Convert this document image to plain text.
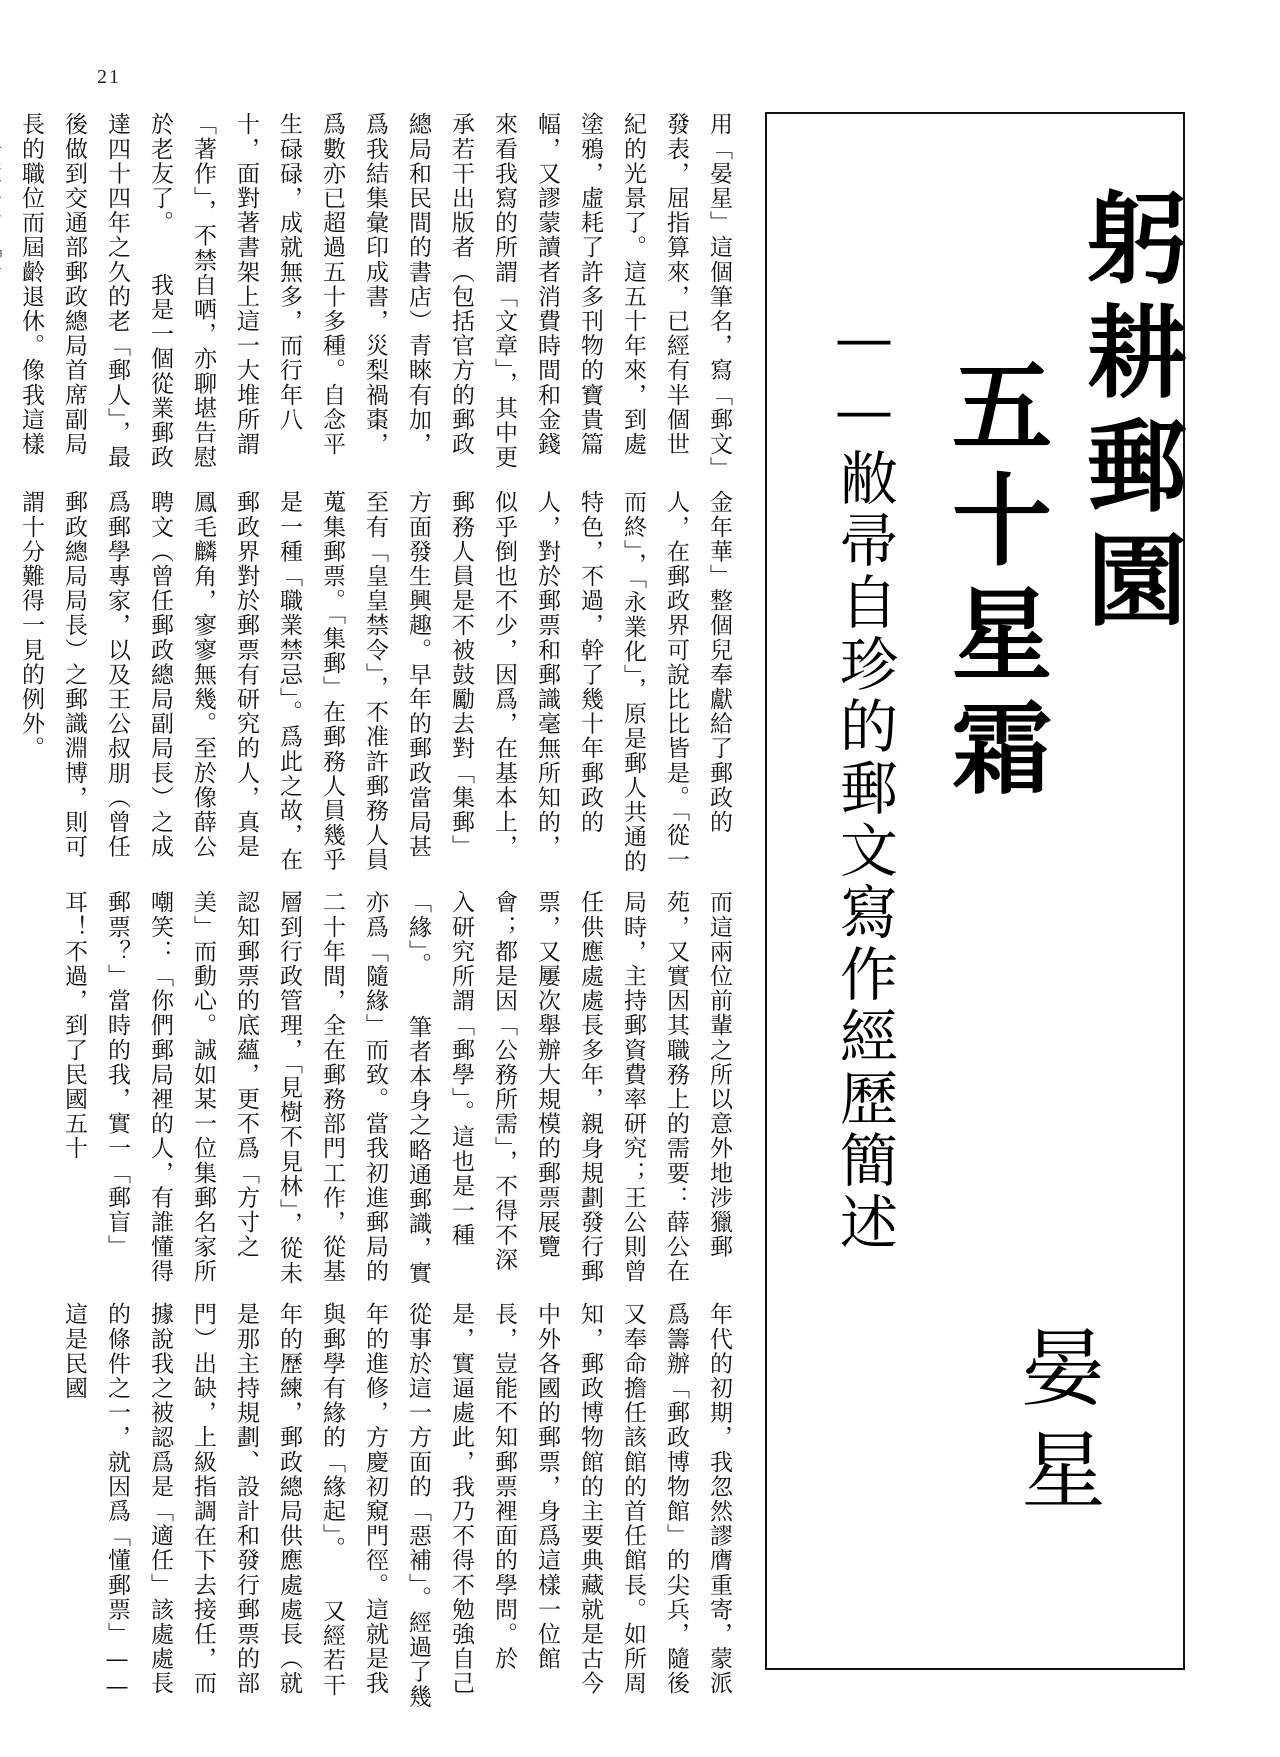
21
躬耕郵園
五十星霜
——敝帚自珍的郵文寫作經歷簡述
晏星
用「晏星」這個筆名，寫「郵文」發表，屈指算來，已經有半個世紀的光景了。這五十年來，到處塗鴉，虛耗了許多刊物的寶貴篇幅，又謬蒙讀者消費時間和金錢來看我寫的所謂「文章」，其中更承若干出版者（包括官方的郵政總局和民間的書店）青睞有加，爲我結集彙印成書，災梨禍棗，爲數亦已超過五十多種。自念平生碌碌，成就無多，而行年八十，面對著書架上這一大堆所謂「著作」，不禁自哂，亦聊堪告慰於老友了。　　我是一個從業郵政達四十四年之久的老「郵人」，最後做到交通部郵政總局首席副局長的職位而屆齡退休。像我這樣
金年華」整個兒奉獻給了郵政的人，在郵政界可說比比皆是。「從一而終」，「永業化」，原是郵人共通的特色，不過，幹了幾十年郵政的人，對於郵票和郵識毫無所知的，似乎倒也不少，因爲，在基本上，郵務人員是不被鼓勵去對「集郵」方面發生興趣。早年的郵政當局甚至有「皇皇禁令」，不准許郵務人員蒐集郵票。「集郵」在郵務人員幾乎是一種「職業禁忌」。爲此之故，在郵政界對於郵票有研究的人，真是鳳毛麟角，寥寥無幾。至於像薛公聘文（曾任郵政總局副局長）之成爲郵學專家，以及王公叔朋（曾任郵政總局局長）之郵識淵博，則可謂十分難得一見的例外。
而這兩位前輩之所以意外地涉獵郵苑，又實因其職務上的需要：薛公在局時，主持郵資費率研究；王公則曾任供應處處長多年，親身規劃發行郵票，又屢次舉辦大規模的郵票展覽會；都是因「公務所需」，不得不深入研究所謂「郵學」。這也是一種「緣」。　　筆者本身之略通郵識，實亦爲「隨緣」而致。當我初進郵局的二十年間，全在郵務部門工作，從基層到行政管理，「見樹不見林」，從未認知郵票的底蘊，更不爲「方寸之美」而動心。誠如某一位集郵名家所嘲笑：「你們郵局裡的人，有誰懂得郵票？」當時的我，實一「郵盲」耳！不過，到了民國五十
年代的初期，我忽然謬膺重寄，蒙派爲籌辦「郵政博物館」的尖兵，隨後又奉命擔任該館的首任館長。如所周知，郵政博物館的主要典藏就是古今中外各國的郵票，身爲這樣一位館長，豈能不知郵票裡面的學問。於是，實逼處此，我乃不得不勉強自己從事於這一方面的「惡補」。經過了幾年的進修，方慶初窺門徑。這就是我與郵學有緣的「緣起」。　　又經若干年的歷練，郵政總局供應處處長（就是那主持規劃、設計和發行郵票的部門）出缺，上級指調在下去接任，而據說我之被認爲是「適任」該處處長的條件之一，就因爲「懂郵票」——這是民國
